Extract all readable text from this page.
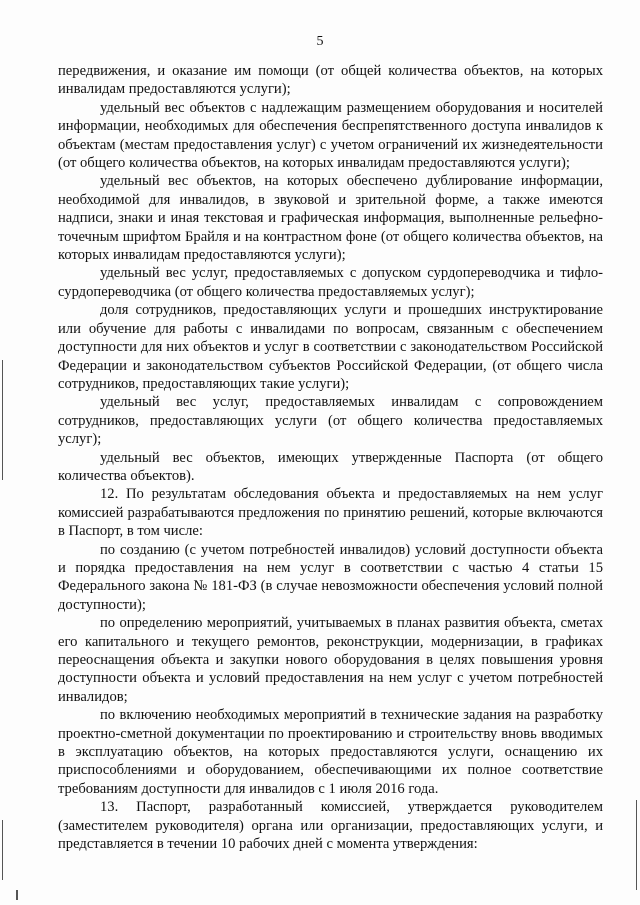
5

передвижения, и оказание им помощи (от общей количества объектов, на которых инвалидам предоставляются услуги);

удельный вес объектов с надлежащим размещением оборудования и носителей информации, необходимых для обеспечения беспрепятственного доступа инвалидов к объектам (местам предоставления услуг) с учетом ограничений их жизнедеятельности (от общего количества объектов, на которых инвалидам предоставляются услуги);

удельный вес объектов, на которых обеспечено дублирование информации, необходимой для инвалидов, в звуковой и зрительной форме, а также имеются надписи, знаки и иная текстовая и графическая информация, выполненные рельефно-точечным шрифтом Брайля и на контрастном фоне (от общего количества объектов, на которых инвалидам предоставляются услуги);

удельный вес услуг, предоставляемых с допуском сурдопереводчика и тифло-сурдопереводчика (от общего количества предоставляемых услуг);

доля сотрудников, предоставляющих услуги и прошедших инструктирование или обучение для работы с инвалидами по вопросам, связанным с обеспечением доступности для них объектов и услуг в соответствии с законодательством Российской Федерации и законодательством субъектов Российской Федерации, (от общего числа сотрудников, предоставляющих такие услуги);

удельный вес услуг, предоставляемых инвалидам с сопровождением сотрудников, предоставляющих услуги (от общего количества предоставляемых услуг);

удельный вес объектов, имеющих утвержденные Паспорта (от общего количества объектов).

12. По результатам обследования объекта и предоставляемых на нем услуг комиссией разрабатываются предложения по принятию решений, которые включаются в Паспорт, в том числе:

по созданию (с учетом потребностей инвалидов) условий доступности объекта и порядка предоставления на нем услуг в соответствии с частью 4 статьи 15 Федерального закона № 181-ФЗ (в случае невозможности обеспечения условий полной доступности);

по определению мероприятий, учитываемых в планах развития объекта, сметах его капитального и текущего ремонтов, реконструкции, модернизации, в графиках переоснащения объекта и закупки нового оборудования в целях повышения уровня доступности объекта и условий предоставления на нем услуг с учетом потребностей инвалидов;

по включению необходимых мероприятий в технические задания на разработку проектно-сметной документации по проектированию и строительству вновь вводимых в эксплуатацию объектов, на которых предоставляются услуги, оснащению их приспособлениями и оборудованием, обеспечивающими их полное соответствие требованиям доступности для инвалидов с 1 июля 2016 года.

13. Паспорт, разработанный комиссией, утверждается руководителем (заместителем руководителя) органа или организации, предоставляющих услуги, и представляется в течении 10 рабочих дней с момента утверждения:
